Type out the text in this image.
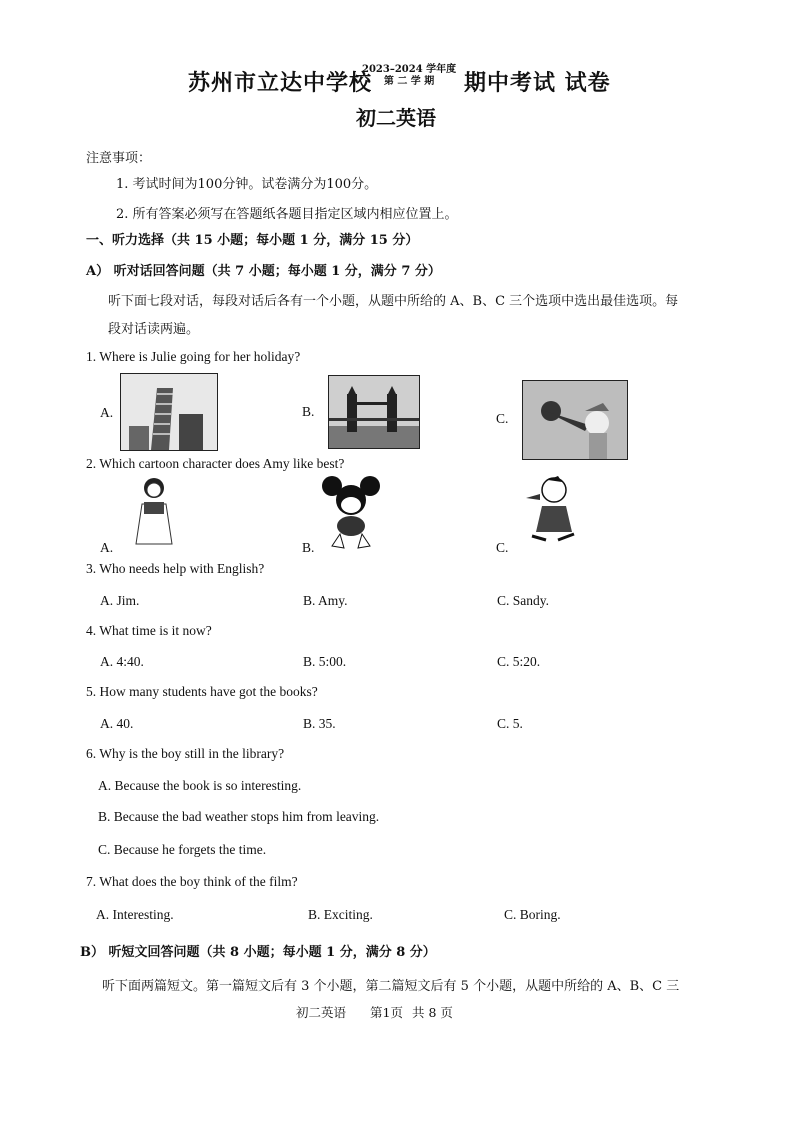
苏州市立达中学校
2023–2024 学年度
第 二 学 期	期中考试 试卷
初二英语
注意事项：
1. 考试时间为100分钟。试卷满分为100分。
2. 所有答案必须写在答题纸各题目指定区域内相应位置上。
一、听力选择（共 15 小题；每小题 1 分，满分 15 分）
A） 听对话回答问题（共 7 小题；每小题 1 分，满分 7 分）
听下面七段对话，每段对话后各有一个小题，从题中所给的 A、B、C 三个选项中选出最佳选项。每
段对话读两遍。
1. Where is Julie going for her holiday?
A.	B.	C.
2. Which cartoon character does Amy like best?
A.	B.	C.
3. Who needs help with English?
A. Jim.	B. Amy.	C. Sandy.
4. What time is it now?
A. 4:40.	B. 5:00.	C. 5:20.
5. How many students have got the books?
A. 40.	B. 35.	C. 5.
6. Why is the boy still in the library?
A. Because the book is so interesting.
B. Because the bad weather stops him from leaving.
C. Because he forgets the time.
7. What does the boy think of the film?
A. Interesting.	B. Exciting.	C. Boring.
B） 听短文回答问题（共 8 小题；每小题 1 分，满分 8 分）
听下面两篇短文。第一篇短文后有 3 个小题，第二篇短文后有 5 个小题，从题中所给的 A、B、C 三
初二英语 第1页 共 8 页
